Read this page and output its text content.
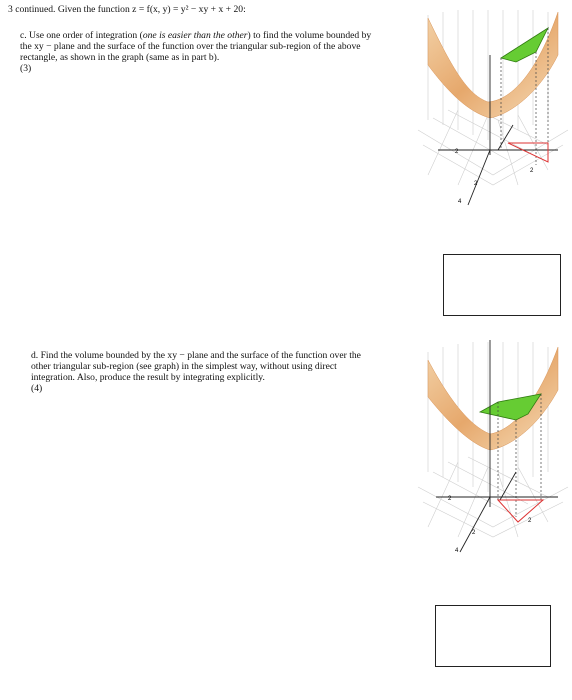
3 continued. Given the function z = f(x, y) = y² − xy + x + 20:

c. Use one order of integration (one is easier than the other) to find the volume bounded by the xy − plane and the surface of the function over the triangular sub-region of the above rectangle, as shown in the graph (same as in part b).

(3)

2
2
2
4

d. Find the volume bounded by the xy − plane and the surface of the function over the other triangular sub-region (see graph) in the simplest way, without using direct integration. Also, produce the result by integrating explicitly.

(4)

2
2
2
4
